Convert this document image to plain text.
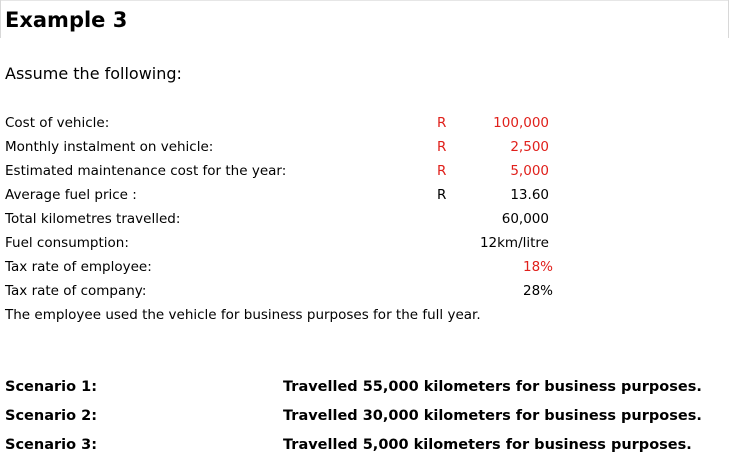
Example 3
Assume the following:
Cost of vehicle:	R	100,000
Monthly instalment on vehicle:	R	2,500
Estimated maintenance cost for the year:	R	5,000
Average fuel price :	R	13.60
Total kilometres travelled:	60,000
Fuel consumption:	12km/litre
Tax rate of employee:	18%
Tax rate of company:	28%
The employee used the vehicle for business purposes for the full year.
Scenario 1:	Travelled 55,000 kilometers for business purposes.
Scenario 2:	Travelled 30,000 kilometers for business purposes.
Scenario 3:	Travelled 5,000 kilometers for business purposes.
